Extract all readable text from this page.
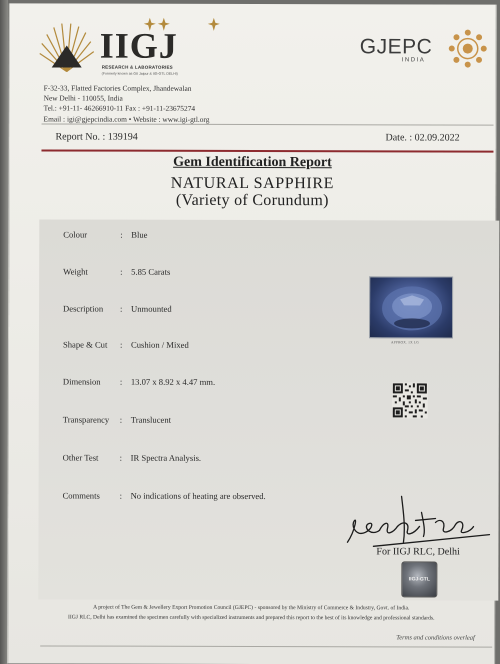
IIGJ
RESEARCH & LABORATORIES
(Formerly known as GII Jaipur & IIG-GTL DELHI)
F-32-33, Flatted Factories Complex, Jhandewalan
New Delhi - 110055, India
Tel.: +91-11- 46266910-11 Fax : +91-11-23675274
Email : igi@gjepcindia.com • Website : www.igi-gtl.org
GJEPC
INDIA
Report No. : 139194	Date. : 02.09.2022
Gem Identification Report
NATURAL SAPPHIRE
(Variety of Corundum)
Colour	: Blue
Weight	: 5.85 Carats
Description : Unmounted
Shape & Cut : Cushion / Mixed
Dimension : 13.07 x 8.92 x 4.47 mm.
Transparency : Translucent
Other Test : IR Spectra Analysis.
Comments : No indications of heating are observed.
APPROX. 1X LG
For IIGJ RLC, Delhi
IIGJ-GTL
A project of The Gem & Jewellery Export Promotion Council (GJEPC) - sponsored by the Ministry of Commerce & Industry, Govt. of India.
IIGJ RLC, Delhi has examined the specimen carefully with specialized instruments and prepared this report to the best of its knowledge and professional standards.
Terms and conditions overleaf
